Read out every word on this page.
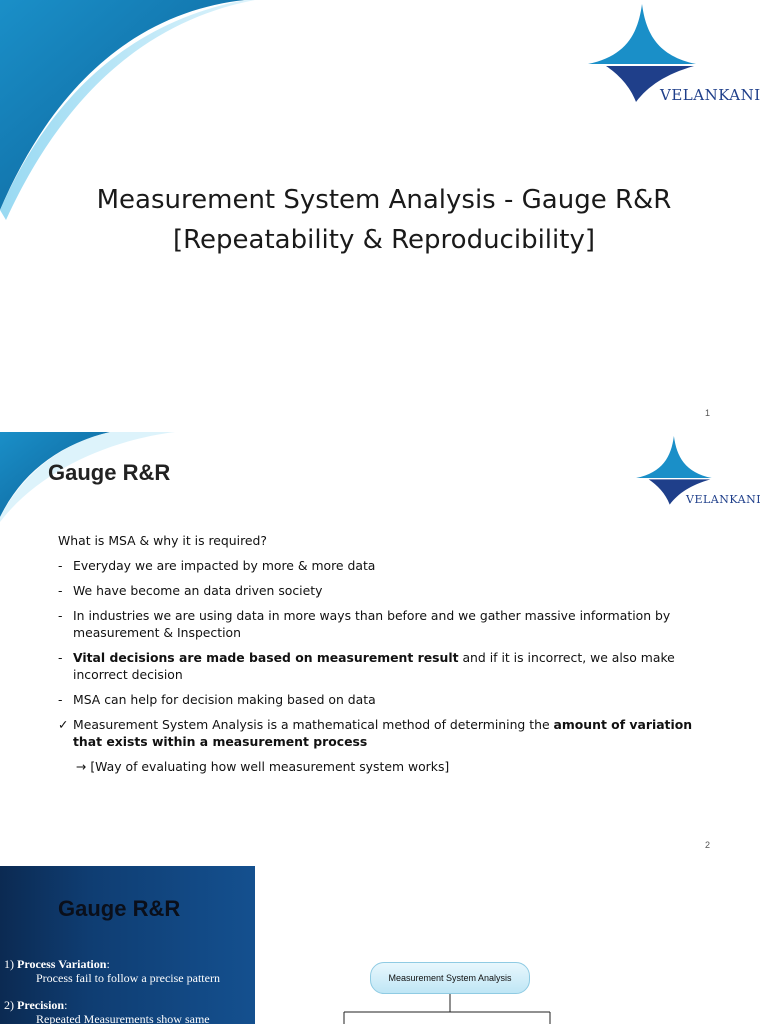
VELANKANI
Measurement System Analysis - Gauge R&R
[Repeatability & Reproducibility]
1
VELANKANI
2
Gauge R&R
What is MSA & why it is required?
- Everyday we are impacted by more & more data
- We have become an data driven society
- In industries we are using data in more ways than before and we gather massive information by measurement & Inspection
- Vital decisions are made based on measurement result and if it is incorrect, we also make incorrect decision
- MSA can help for decision making based on data
✓ Measurement System Analysis is a mathematical method of determining the amount of variation that exists within a measurement process
→ [Way of evaluating how well measurement system works]
Gauge R&R
1) Process Variation:
Process fail to follow a precise pattern
2) Precision:
Repeated Measurements show same
Measurement System Analysis
